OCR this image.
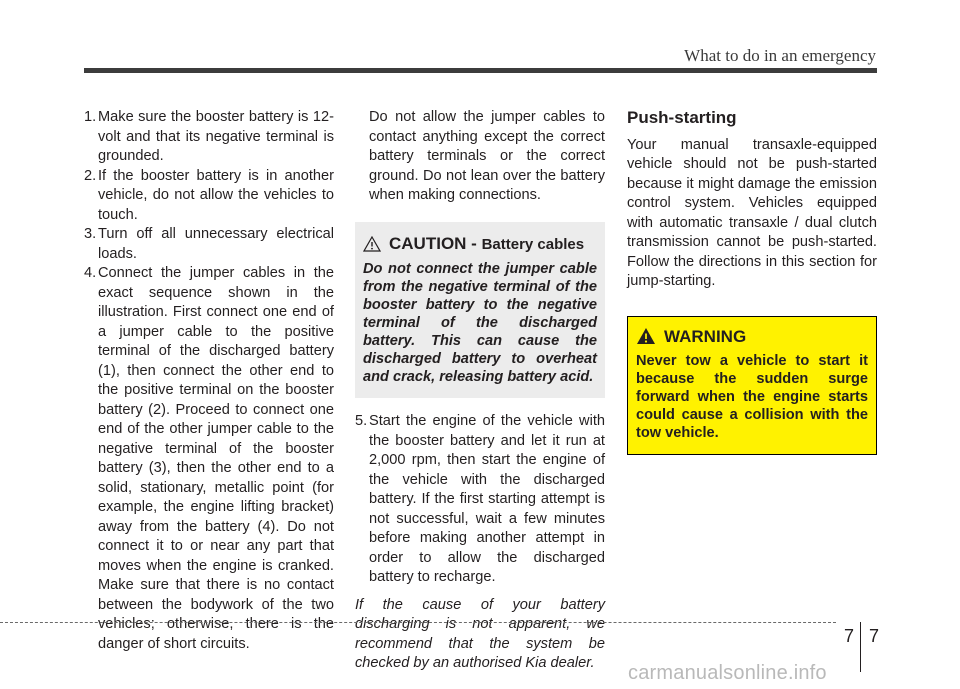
What to do in an emergency
1. Make sure the booster battery is 12-volt and that its negative terminal is grounded.
2. If the booster battery is in another vehicle, do not allow the vehicles to touch.
3. Turn off all unnecessary electrical loads.
4. Connect the jumper cables in the exact sequence shown in the illustration. First connect one end of a jumper cable to the positive terminal of the discharged battery (1), then connect the other end to the positive terminal on the booster battery (2). Proceed to connect one end of the other jumper cable to the negative terminal of the booster battery (3), then the other end to a solid, stationary, metallic point (for example, the engine lifting bracket) away from the battery (4). Do not connect it to or near any part that moves when the engine is cranked. Make sure that there is no contact between the bodywork of the two vehicles; otherwise, there is the danger of short circuits.
Do not allow the jumper cables to contact anything except the correct battery terminals or the correct ground. Do not lean over the battery when making connections.
CAUTION - Battery cables
Do not connect the jumper cable from the negative terminal of the booster battery to the negative terminal of the discharged battery. This can cause the discharged battery to overheat and crack, releasing battery acid.
5. Start the engine of the vehicle with the booster battery and let it run at 2,000 rpm, then start the engine of the vehicle with the discharged battery. If the first starting attempt is not successful, wait a few minutes before making another attempt in order to allow the discharged battery to recharge.
If the cause of your battery discharging is not apparent, we recommend that the system be checked by an authorised Kia dealer.
Push-starting
Your manual transaxle-equipped vehicle should not be push-started because it might damage the emission control system. Vehicles equipped with automatic transaxle / dual clutch transmission cannot be push-started. Follow the directions in this section for jump-starting.
WARNING
Never tow a vehicle to start it because the sudden surge forward when the engine starts could cause a collision with the tow vehicle.
7 7
carmanualsonline.info
